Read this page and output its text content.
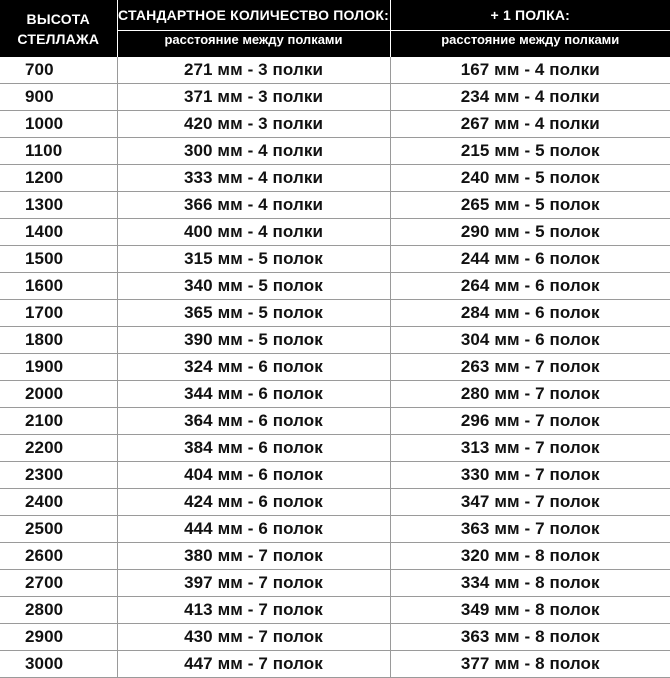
ВЫСОТА
СТЕЛЛАЖА	СТАНДАРТНОЕ КОЛИЧЕСТВО ПОЛОК:	+ 1 ПОЛКА:
	расстояние между полками	расстояние между полками
700	271 мм - 3 полки	167 мм - 4 полки
900	371 мм - 3 полки	234 мм - 4 полки
1000	420 мм - 3 полки	267 мм - 4 полки
1100	300 мм - 4 полки	215 мм - 5 полок
1200	333 мм - 4 полки	240 мм - 5 полок
1300	366 мм - 4 полки	265 мм - 5 полок
1400	400 мм - 4 полки	290 мм - 5 полок
1500	315 мм - 5 полок	244 мм - 6 полок
1600	340 мм - 5 полок	264 мм - 6 полок
1700	365 мм - 5 полок	284 мм - 6 полок
1800	390 мм - 5 полок	304 мм - 6 полок
1900	324 мм - 6 полок	263 мм - 7 полок
2000	344 мм - 6 полок	280 мм - 7 полок
2100	364 мм - 6 полок	296 мм - 7 полок
2200	384 мм - 6 полок	313 мм - 7 полок
2300	404 мм - 6 полок	330 мм - 7 полок
2400	424 мм - 6 полок	347 мм - 7 полок
2500	444 мм - 6 полок	363 мм - 7 полок
2600	380 мм - 7 полок	320 мм - 8 полок
2700	397 мм - 7 полок	334 мм - 8 полок
2800	413 мм - 7 полок	349 мм - 8 полок
2900	430 мм - 7 полок	363 мм - 8 полок
3000	447 мм - 7 полок	377 мм - 8 полок
